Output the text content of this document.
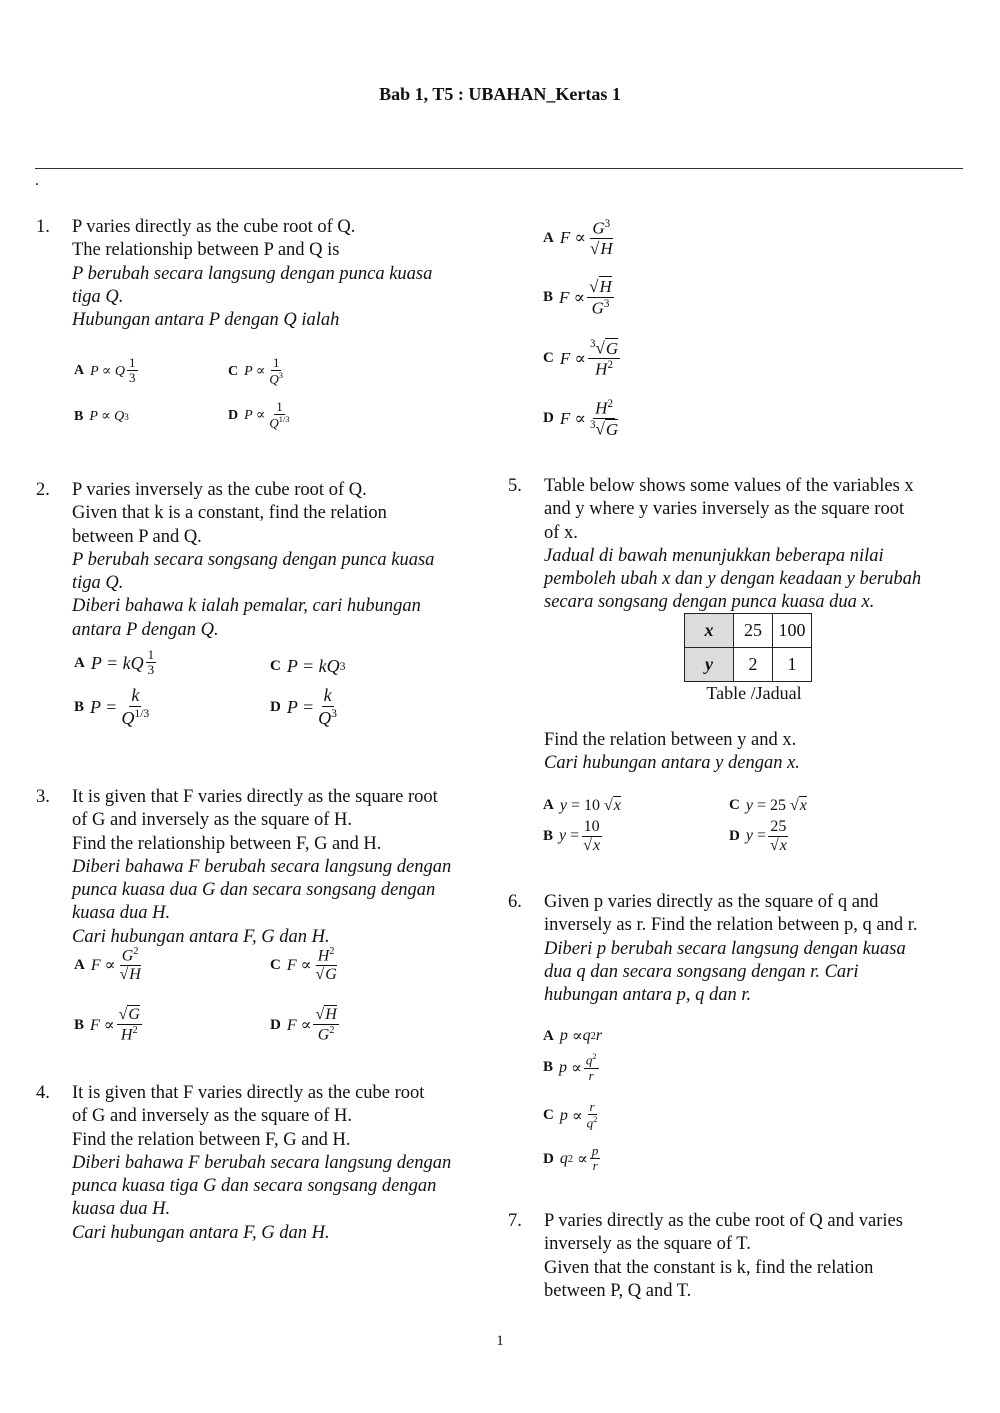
Bab 1, T5 : UBAHAN_Kertas 1
.
1. P varies directly as the cube root of Q.
The relationship between P and Q is
P berubah secara langsung dengan punca kuasa
tiga Q.
Hubungan antara P dengan Q ialah
A P ∝ Q $\frac{1}{3}$	C $P \propto \frac{1}{Q^3}$
B P ∝ Q 3	D $P \propto \frac{1}{Q^{1/3}}$
2. P varies inversely as the cube root of Q.
Given that k is a constant, find the relation
between P and Q.
P berubah secara songsang dengan punca kuasa
tiga Q.
Diberi bahawa k ialah pemalar, cari hubungan
antara P dengan Q.
A P = kQ $\frac{1}{3}$	C P = kQ 3
B $P = \frac{k}{Q^{1/3}}$	D $P = \frac{k}{Q^3}$
3. It is given that F varies directly as the square root
of G and inversely as the square of H.
Find the relationship between F, G and H.
Diberi bahawa F berubah secara langsung dengan
punca kuasa dua G dan secara songsang dengan
kuasa dua H.
Cari hubungan antara F, G dan H.
A $F \propto \frac{G^2}{√H}$	C $F \propto \frac{H^2}{√G}$
B $F \propto \frac{√G}{H^2}$	D $F \propto \frac{√H}{G^2}$
4. It is given that F varies directly as the cube root
of G and inversely as the square of H.
Find the relation between F, G and H.
Diberi bahawa F berubah secara langsung dengan
punca kuasa tiga G dan secara songsang dengan
kuasa dua H.
Cari hubungan antara F, G dan H.
A $F \propto \frac{G^3}{√H}$
B $F \propto \frac{√H}{G^3}$
C $F \propto \frac{^3√G}{H^2}$
D $F \propto \frac{H^2}{^3√G}$
5. Table below shows some values of the variables x
and y where y varies inversely as the square root
of x.
Jadual di bawah menunjukkan beberapa nilai
pemboleh ubah x dan y dengan keadaan y berubah
secara songsang dengan punca kuasa dua x.
x	25	100
y	2	1
Table /Jadual
Find the relation between y and x.
Cari hubungan antara y dengan x.
A y = 10 √ x	C y = 25 √ x
B $y = \frac{10}{√x}$	D $y = \frac{25}{√x}$
6. Given p varies directly as the square of q and
inversely as r. Find the relation between p, q and r.
Diberi p berubah secara langsung dengan kuasa
dua q dan secara songsang dengan r. Cari
hubungan antara p, q dan r.
A p ∝ q 2 r
B $p \propto \frac{q^2}{r}$
C $p \propto \frac{r}{q^2}$
D q $2 \propto \frac{p}{r}$
7. P varies directly as the cube root of Q and varies
inversely as the square of T.
Given that the constant is k, find the relation
between P, Q and T.
1
